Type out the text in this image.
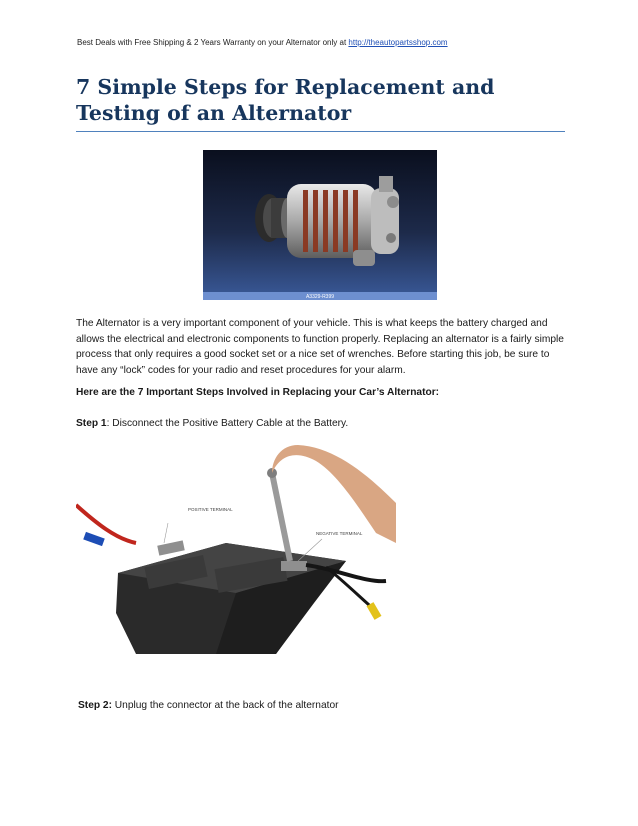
Best Deals with Free Shipping & 2 Years Warranty on your Alternator only at http://theautopartsshop.com
7 Simple Steps for Replacement and Testing of an Alternator
A3329-R399

The Alternator is a very important component of your vehicle. This is what keeps the battery charged and allows the electrical and electronic components to function properly. Replacing an alternator is a fairly simple process that only requires a good socket set or a nice set of wrenches. Before starting this job, be sure to have any “lock” codes for your radio and reset procedures for your alarm.

Here are the 7 Important Steps Involved in Replacing your Car’s Alternator:

Step 1: Disconnect the Positive Battery Cable at the Battery.

POSITIVE TERMINAL
NEGATIVE TERMINAL

Step 2: Unplug the connector at the back of the alternator
